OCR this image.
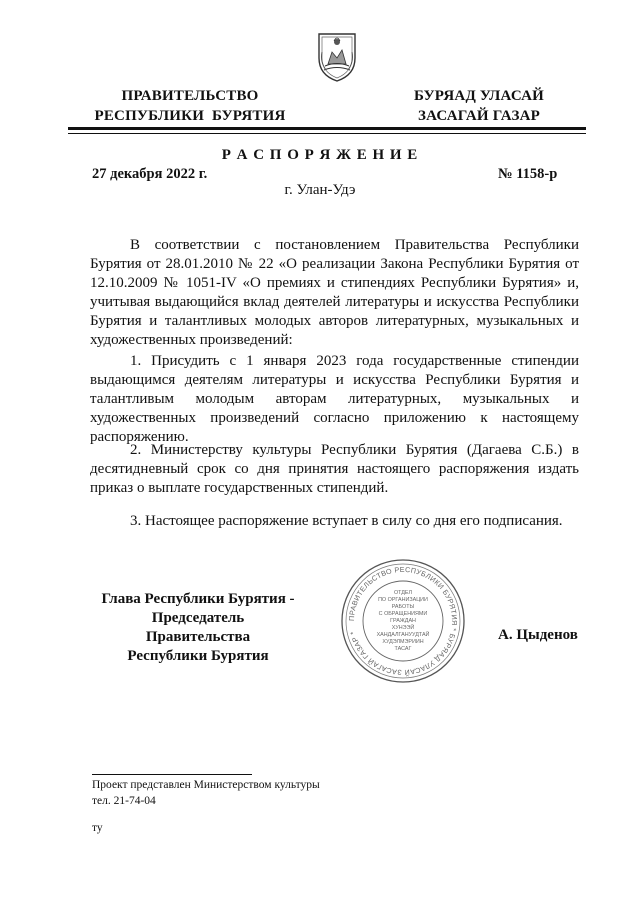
ПРАВИТЕЛЬСТВО
РЕСПУБЛИКИ  БУРЯТИЯ
БУРЯАД УЛАСАЙ
ЗАСАГАЙ ГАЗАР
Р А С П О Р Я Ж Е Н И Е
27 декабря 2022 г.	№ 1158-р
г. Улан-Удэ
В соответствии с постановлением Правительства Республики Бурятия от 28.01.2010 № 22 «О реализации Закона Республики Бурятия от 12.10.2009 № 1051-IV «О премиях и стипендиях Республики Бурятия» и, учитывая выдающийся вклад деятелей литературы и искусства Республики Бурятия и талантливых молодых авторов литературных, музыкальных и художественных произведений:
1. Присудить с 1 января 2023 года государственные стипендии выдающимся деятелям литературы и искусства Республики Бурятия и талантливым молодым авторам литературных, музыкальных и художественных произведений согласно приложению к настоящему распоряжению.
2. Министерству культуры Республики Бурятия (Дагаева С.Б.) в десятидневный срок со дня принятия настоящего распоряжения издать приказ о выплате государственных стипендий.
3. Настоящее распоряжение вступает в силу со дня его подписания.
Глава Республики Бурятия -
Председатель Правительства
Республики Бурятия
А. Цыденов
ПРАВИТЕЛЬСТВО РЕСПУБЛИКИ БУРЯТИЯ * БУРЯАД УЛАСАЙ ЗАСАГАЙ ГАЗАР *
ОТДЕЛ
ПО ОРГАНИЗАЦИИ
РАБОТЫ
С ОБРАЩЕНИЯМИ
ГРАЖДАН
ХУНЭЭЙ
ХАНДАЛГАНУУДТАЙ
ХУДЭЛМЭРИИН
ТАСАГ
Проект представлен Министерством культуры
тел. 21-74-04
ту
